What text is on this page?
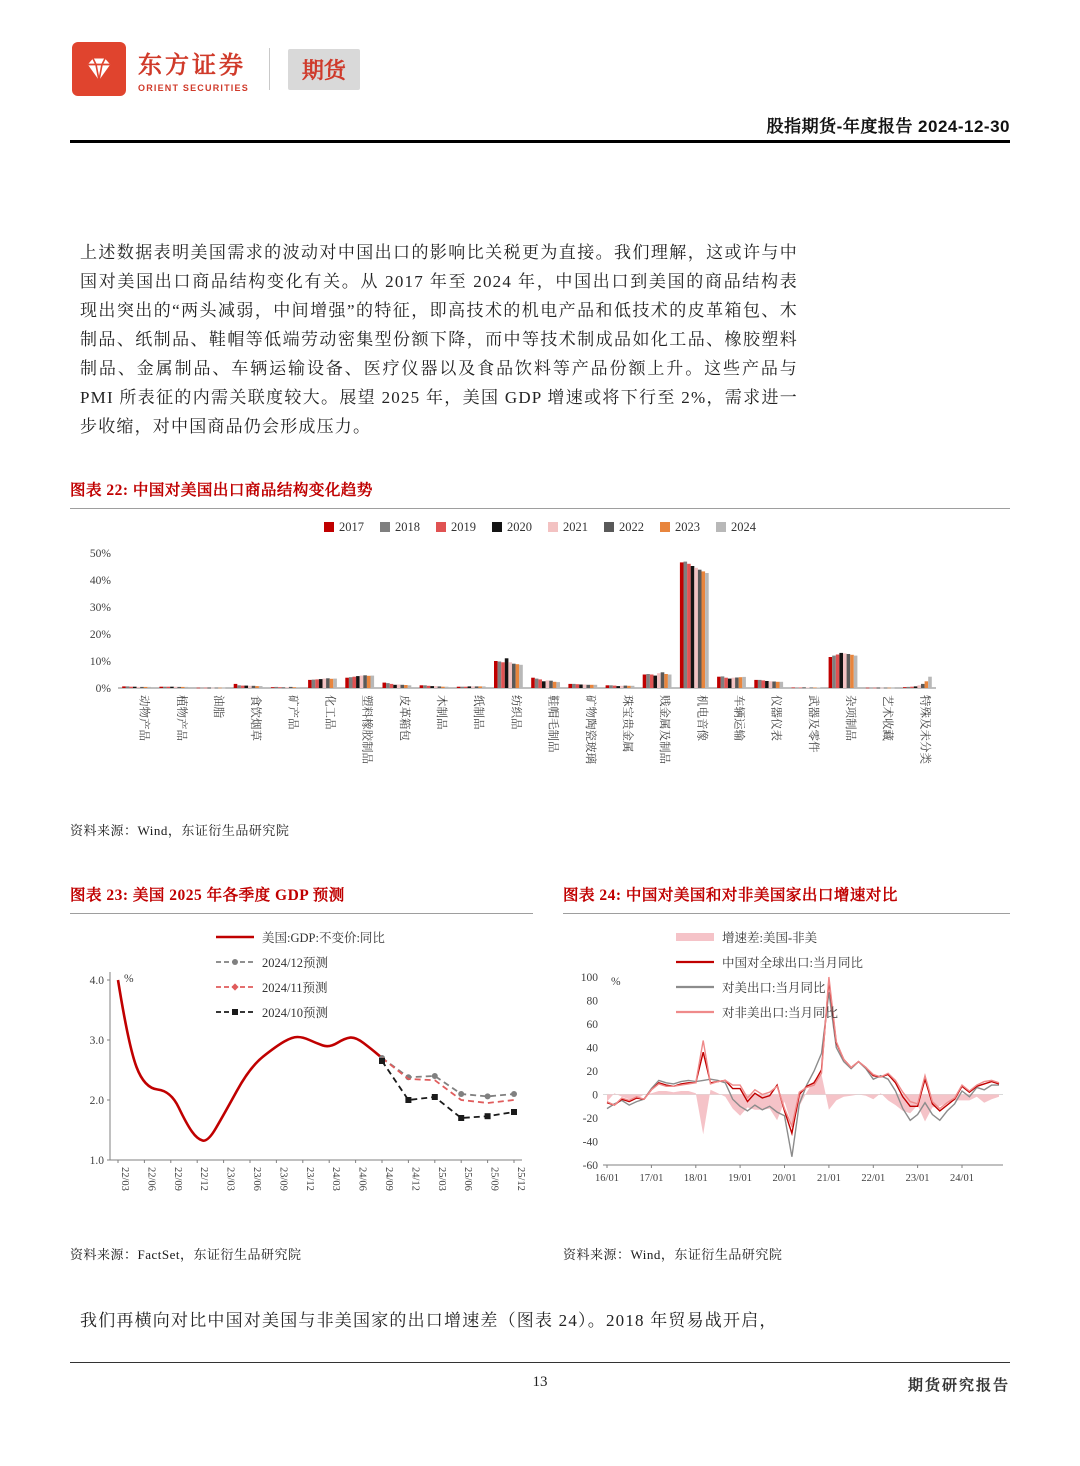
东方证券
ORIENT SECURITIES
期货
股指期货-年度报告 2024-12-30
上述数据表明美国需求的波动对中国出口的影响比关税更为直接。我们理解，这或许与中国对美国出口商品结构变化有关。从 2017 年至 2024 年，中国出口到美国的商品结构表现出突出的“两头减弱，中间增强”的特征，即高技术的机电产品和低技术的皮革箱包、木制品、纸制品、鞋帽等低端劳动密集型份额下降，而中等技术制成品如化工品、橡胶塑料制品、金属制品、车辆运输设备、医疗仪器以及食品饮料等产品份额上升。这些产品与 PMI 所表征的内需关联度较大。展望 2025 年，美国 GDP 增速或将下行至 2%，需求进一步收缩，对中国商品仍会形成压力。
图表 22: 中国对美国出口商品结构变化趋势
2017	2018	2019	2020	2021	2022	2023	2024
0%
10%
20%
30%
40%
50%
动物产品 植物产品 油脂 食饮烟草 矿产品 化工品 塑料橡胶制品 皮革箱包 木制品 纸制品 纺织品 鞋帽毛制品 矿物陶瓷玻璃 珠宝贵金属 贱金属及制品 机电音像 车辆运输 仪器仪表 武器及零件 杂项制品 艺术收藏 特殊及未分类
资料来源：Wind，东证衍生品研究院
图表 23: 美国 2025 年各季度 GDP 预测
美国:GDP:不变价:同比
2024/12预测
2024/11预测
2024/10预测
4.0
3.0
2.0
1.0
%
22/03 22/06 22/09 22/12 23/03 23/06 23/09 23/12 24/03 24/06 24/09 24/12 25/03 25/06 25/09 25/12
资料来源：FactSet，东证衍生品研究院
图表 24: 中国对美国和对非美国家出口增速对比
增速差:美国-非美
中国对全球出口:当月同比
对美出口:当月同比
对非美出口:当月同比
100
80
60
40
20
0
-20
-40
-60
%
16/01 17/01 18/01 19/01 20/01 21/01 22/01 23/01 24/01
资料来源：Wind，东证衍生品研究院
我们再横向对比中国对美国与非美国家的出口增速差（图表 24）。2018 年贸易战开启，
13	期货研究报告
